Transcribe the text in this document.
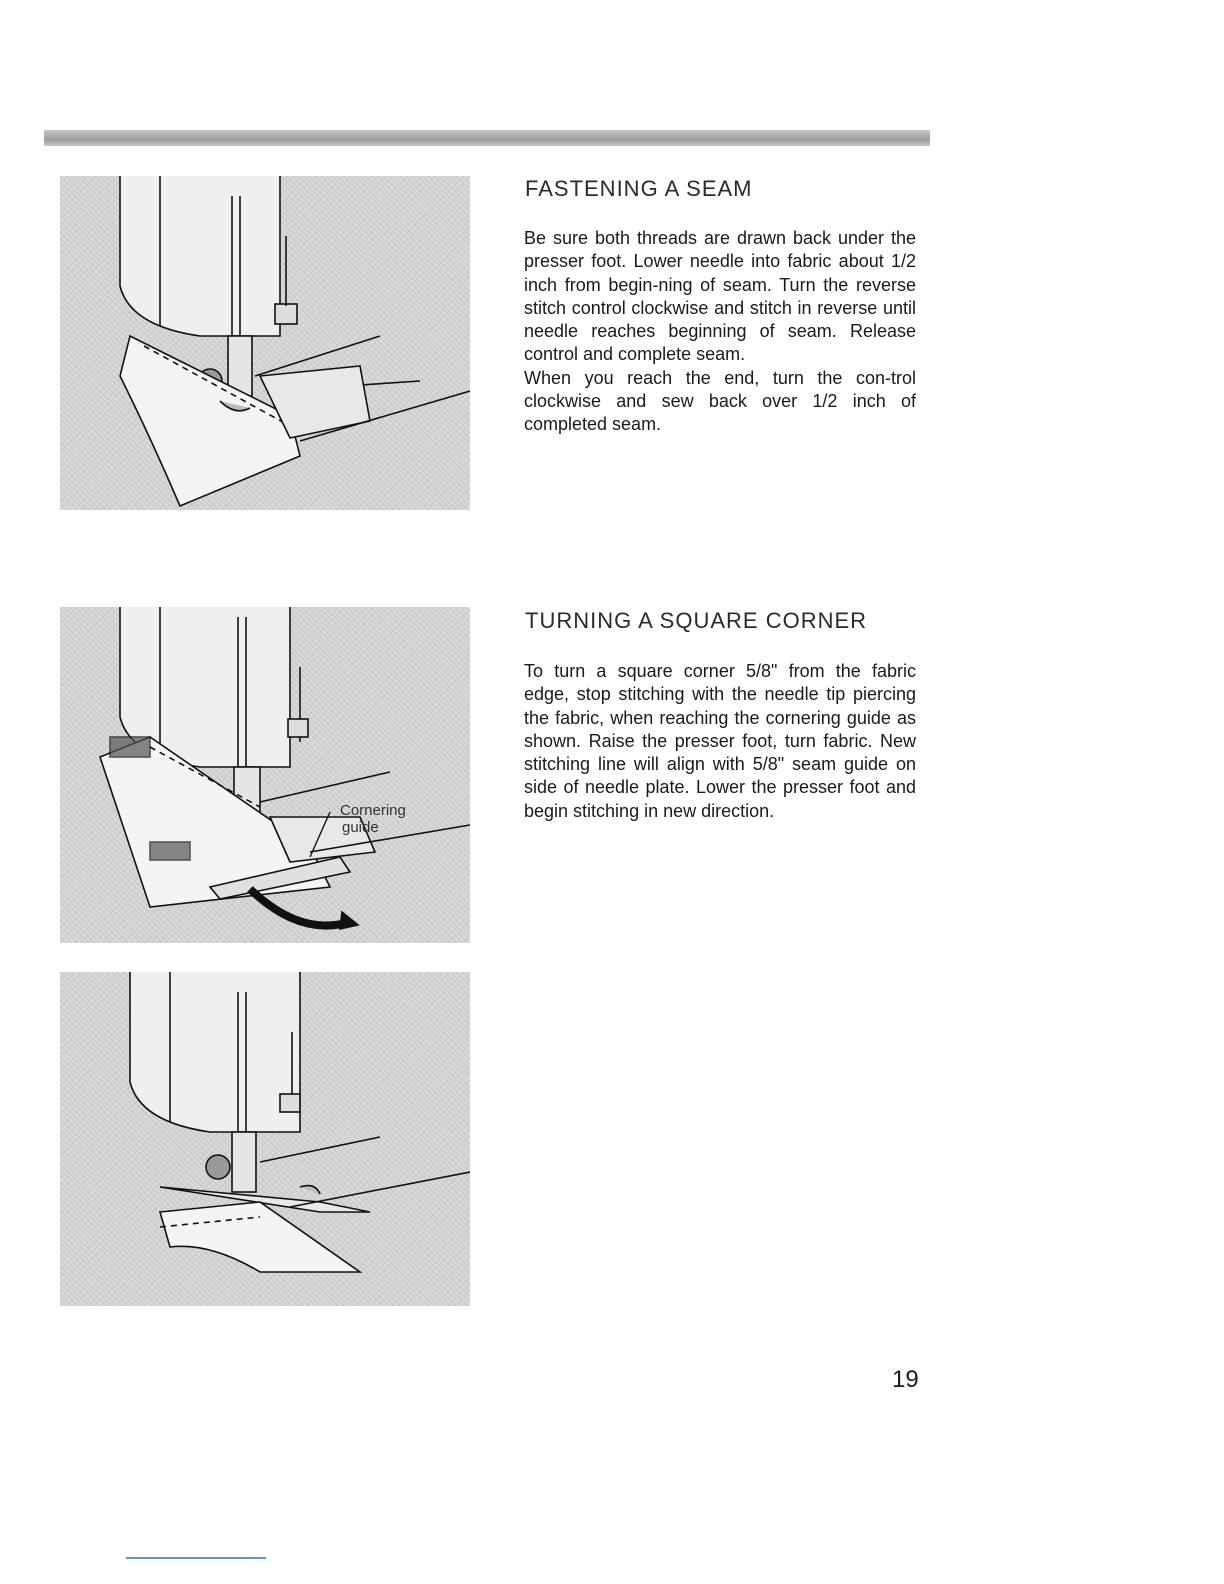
FASTENING A SEAM

Be sure both threads are drawn back under the presser foot. Lower needle into fabric about 1/2 inch from begin-ning of seam. Turn the reverse stitch control clockwise and stitch in reverse until needle reaches beginning of seam. Release control and complete seam.

When you reach the end, turn the con-trol clockwise and sew back over 1/2 inch of completed seam.

Cornering
guide
TURNING A SQUARE CORNER

To turn a square corner 5/8" from the fabric edge, stop stitching with the needle tip piercing the fabric, when reaching the cornering guide as shown. Raise the presser foot, turn fabric. New stitching line will align with 5/8" seam guide on side of needle plate. Lower the presser foot and begin stitching in new direction.

19
